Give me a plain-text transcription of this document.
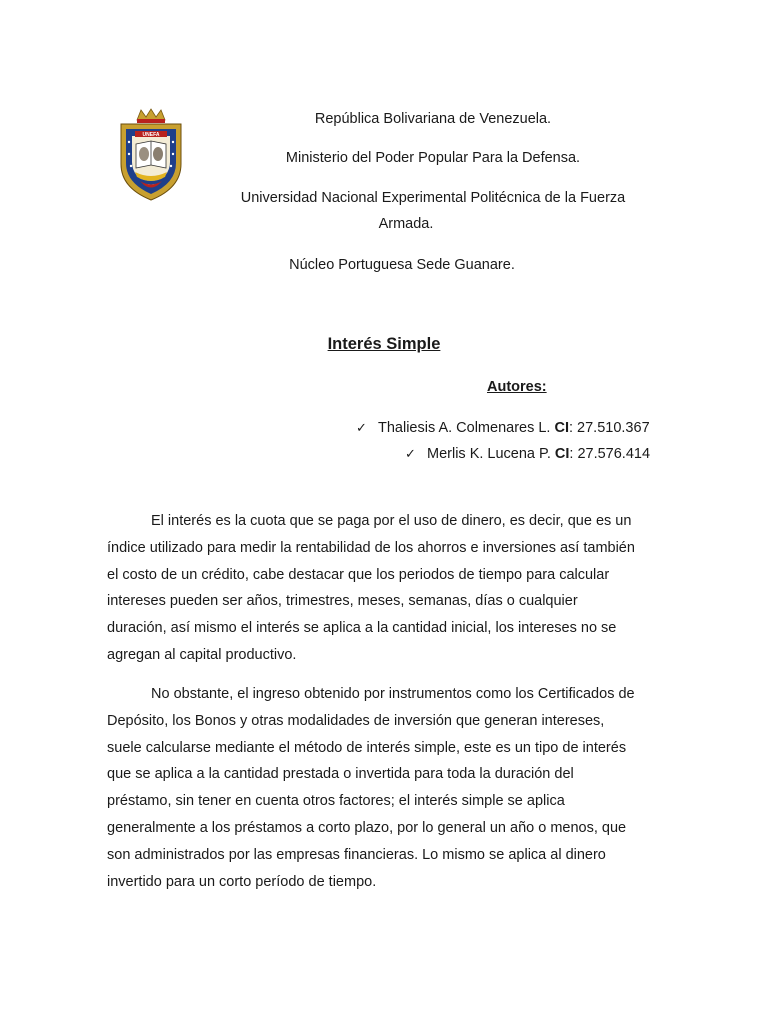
UNEFA
República Bolivariana de Venezuela.
Ministerio del Poder Popular Para la Defensa.
Universidad Nacional Experimental Politécnica de la Fuerza
Armada.
Núcleo Portuguesa Sede Guanare.
Interés Simple
Autores:
✓ Thaliesis A. Colmenares L. CI: 27.510.367
✓ Merlis K. Lucena P. CI: 27.576.414

El interés es la cuota que se paga por el uso de dinero, es decir, que es un
índice utilizado para medir la rentabilidad de los ahorros e inversiones así también
el costo de un crédito, cabe destacar que los periodos de tiempo para calcular
intereses pueden ser años, trimestres, meses, semanas, días o cualquier
duración, así mismo el interés se aplica a la cantidad inicial, los intereses no se
agregan al capital productivo.

No obstante, el ingreso obtenido por instrumentos como los Certificados de
Depósito, los Bonos y otras modalidades de inversión que generan intereses,
suele calcularse mediante el método de interés simple, este es un tipo de interés
que se aplica a la cantidad prestada o invertida para toda la duración del
préstamo, sin tener en cuenta otros factores; el interés simple se aplica
generalmente a los préstamos a corto plazo, por lo general un año o menos, que
son administrados por las empresas financieras. Lo mismo se aplica al dinero
invertido para un corto período de tiempo.
